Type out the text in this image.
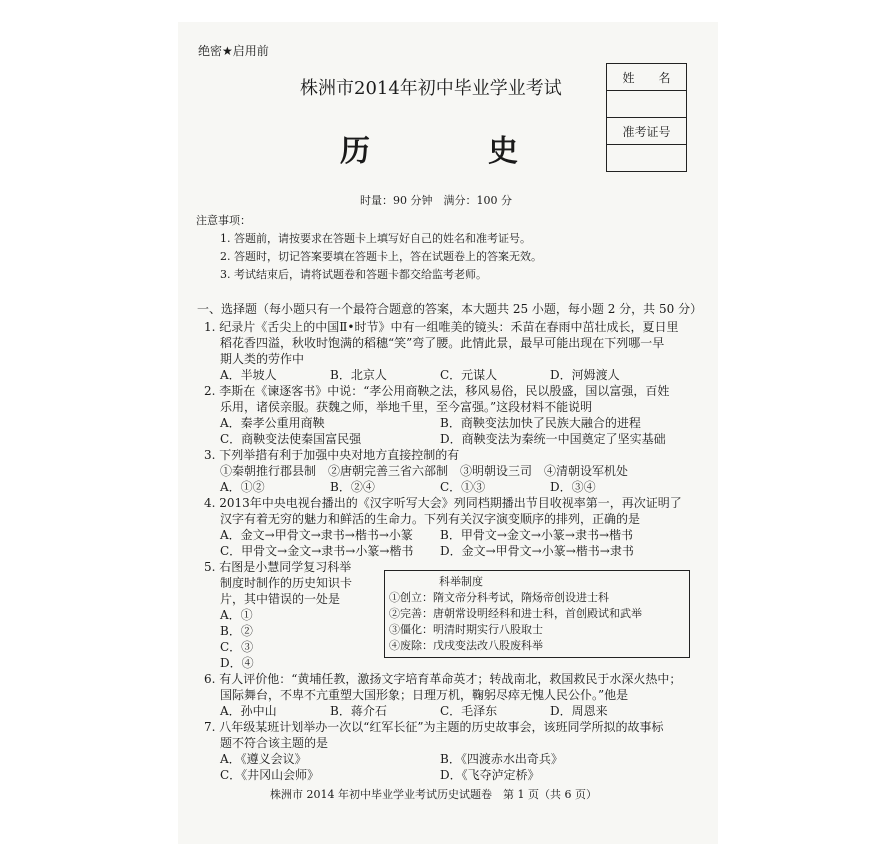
绝密★启用前
株洲市2014年初中毕业学业考试
历	史
时量：90 分钟　满分：100 分
姓　　名

准考证号

注意事项：
1. 答题前，请按要求在答题卡上填写好自己的姓名和准考证号。
2. 答题时，切记答案要填在答题卡上，答在试题卷上的答案无效。
3. 考试结束后，请将试题卷和答题卡都交给监考老师。
一、选择题（每小题只有一个最符合题意的答案，本大题共 25 小题，每小题 2 分，共 50 分）
1. 纪录片《舌尖上的中国Ⅱ•时节》中有一组唯美的镜头：禾苗在春雨中茁壮成长，夏日里
稻花香四溢，秋收时饱满的稻穗“笑”弯了腰。此情此景，最早可能出现在下列哪一早
期人类的劳作中
A．半坡人	B．北京人	C．元谋人	D．河姆渡人
2. 李斯在《谏逐客书》中说：“孝公用商鞅之法，移风易俗，民以殷盛，国以富强，百姓
乐用，诸侯亲服。获魏之师，举地千里，至今富强。”这段材料不能说明
A．秦孝公重用商鞅	B．商鞅变法加快了民族大融合的进程
C．商鞅变法使秦国富民强	D．商鞅变法为秦统一中国奠定了坚实基础
3. 下列举措有利于加强中央对地方直接控制的有
①秦朝推行郡县制　②唐朝完善三省六部制　③明朝设三司　④清朝设军机处
A．①②	B．②④	C．①③	D．③④
4. 2013年中央电视台播出的《汉字听写大会》列同档期播出节目收视率第一，再次证明了
汉字有着无穷的魅力和鲜活的生命力。下列有关汉字演变顺序的排列，正确的是
A．金文→甲骨文→隶书→楷书→小篆 B．甲骨文→金文→小篆→隶书→楷书
C．甲骨文→金文→隶书→小篆→楷书 D．金文→甲骨文→小篆→楷书→隶书
5. 右图是小慧同学复习科举
制度时制作的历史知识卡
片，其中错误的一处是
A．①
B．②
C．③
D．④
科举制度
①创立：隋文帝分科考试，隋炀帝创设进士科
②完善：唐朝常设明经科和进士科，首创殿试和武举
③僵化：明清时期实行八股取士
④废除：戊戌变法改八股废科举
6. 有人评价他：“黄埔任教，激扬文字培育革命英才；转战南北，救国救民于水深火热中；
国际舞台，不卑不亢重塑大国形象；日理万机，鞠躬尽瘁无愧人民公仆。”他是
A．孙中山	B．蒋介石	C．毛泽东	D．周恩来
7. 八年级某班计划举办一次以“红军长征”为主题的历史故事会，该班同学所拟的故事标
题不符合该主题的是
A．《遵义会议》	B．《四渡赤水出奇兵》
C．《井冈山会师》	D．《飞夺泸定桥》
株洲市 2014 年初中毕业学业考试历史试题卷　第 1 页（共 6 页）
